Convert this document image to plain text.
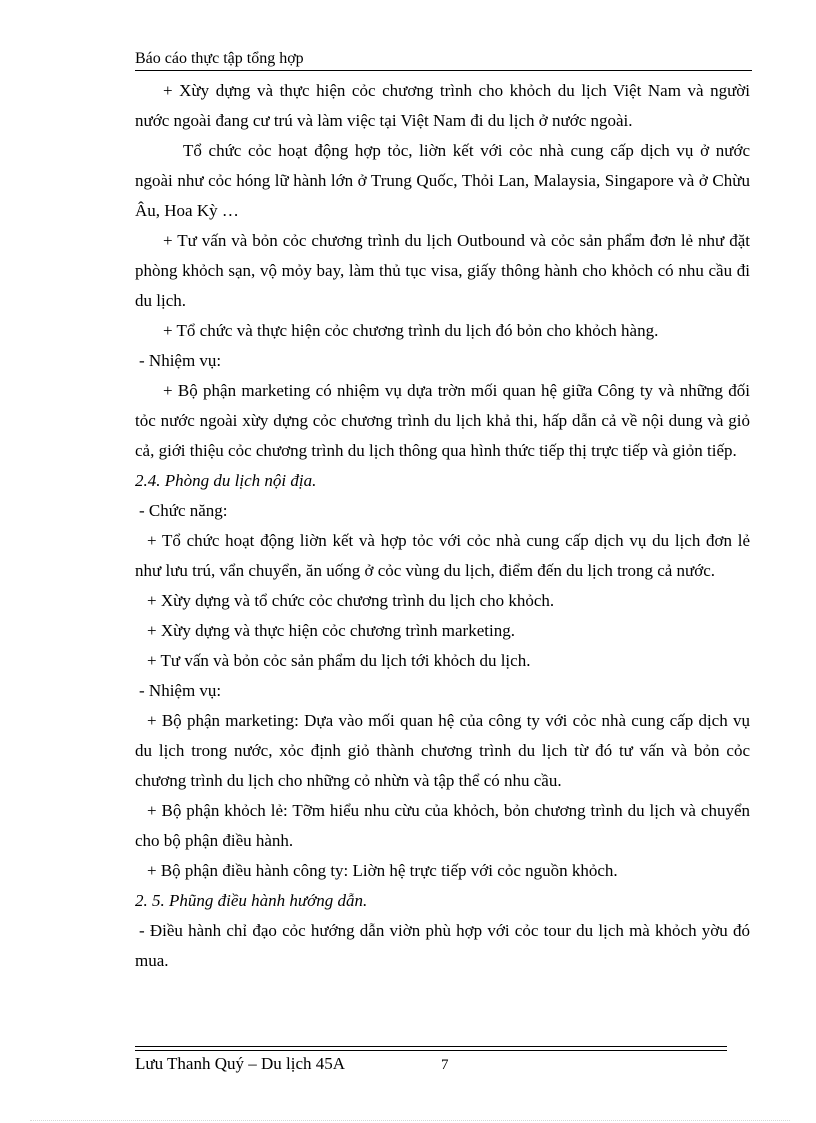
Báo cáo thực tập tổng hợp

+ Xừy dựng và thực hiện cỏc chương trình cho khỏch du lịch Việt Nam và người nước ngoài đang cư trú và làm việc tại Việt Nam đi du lịch ở nước ngoài.

Tổ chức cỏc hoạt động hợp tỏc, liờn kết với cỏc nhà cung cấp dịch vụ ở nước ngoài như cỏc hóng lữ hành lớn ở Trung Quốc, Thỏi Lan, Malaysia, Singapore và ở Chừu Âu, Hoa Kỳ …

+ Tư vấn và bỏn cỏc chương trình du lịch Outbound và cỏc sản phẩm đơn lẻ như đặt phòng khỏch sạn, vộ mỏy bay, làm thủ tục visa, giấy thông hành cho khỏch có nhu cầu đi du lịch.

+ Tổ chức và thực hiện cỏc chương trình du lịch đó bỏn cho khỏch hàng.

- Nhiệm vụ:

+ Bộ phận marketing có nhiệm vụ dựa trờn mối quan hệ giữa Công ty và những đối tỏc nước ngoài xừy dựng cỏc chương trình du lịch khả thi, hấp dẫn cả về nội dung và giỏ cả, giới thiệu cỏc chương trình du lịch thông qua hình thức tiếp thị trực tiếp và giỏn tiếp.

2.4. Phòng du lịch nội địa.

- Chức năng:

+ Tổ chức hoạt động liờn kết và hợp tỏc với cỏc nhà cung cấp dịch vụ du lịch đơn lẻ như lưu trú, vẩn chuyển, ăn uống ở cỏc vùng du lịch, điểm đến du lịch trong cả nước.

+ Xừy dựng và tổ chức cỏc chương trình du lịch cho khỏch.

+ Xừy dựng và thực hiện cỏc chương trình marketing.

+ Tư vấn và bỏn cỏc sản phẩm du lịch tới khỏch du lịch.

- Nhiệm vụ:

+ Bộ phận marketing: Dựa vào mối quan hệ của công ty với cỏc nhà cung cấp dịch vụ du lịch trong nước, xỏc định giỏ thành chương trình du lịch từ đó tư vấn và bỏn cỏc chương trình du lịch cho những cỏ nhừn và tập thể có nhu cầu.

+ Bộ phận khỏch lẻ: Tỡm hiểu nhu cừu của khỏch, bỏn chương trình du lịch và chuyển cho bộ phận điều hành.

+ Bộ phận điều hành công ty: Liờn hệ trực tiếp với cỏc nguồn khỏch.

2. 5. Phũng điều hành hướng dẫn.

- Điều hành chỉ đạo cỏc hướng dẫn viờn phù hợp với cỏc tour du lịch mà khỏch yờu đó mua.

Lưu Thanh Quý – Du lịch 45A	7
